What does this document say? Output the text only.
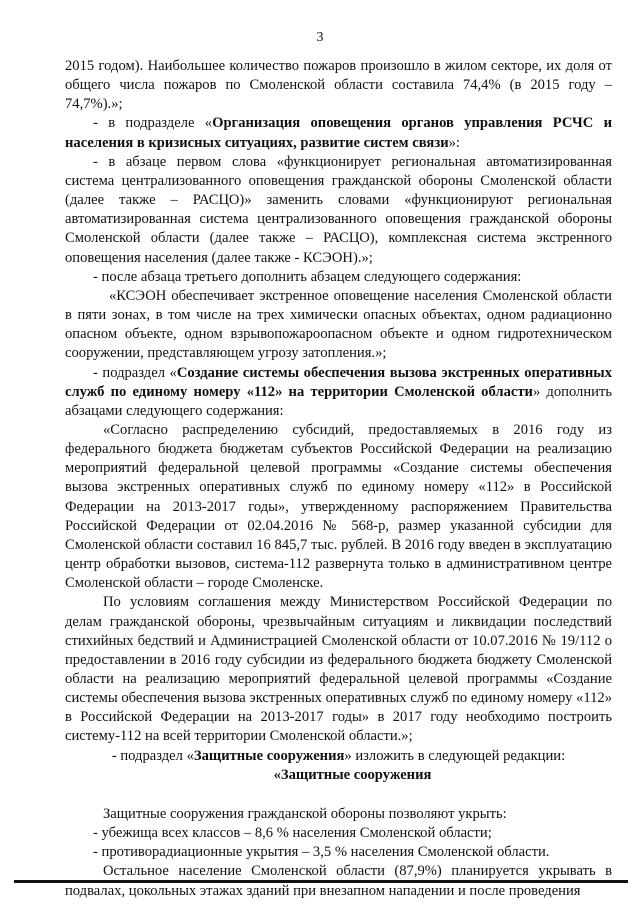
3

2015 годом). Наибольшее количество пожаров произошло в жилом секторе, их доля от общего числа пожаров по Смоленской области составила 74,4% (в 2015 году – 74,7%).»;

- в подразделе «Организация оповещения органов управления РСЧС и населения в кризисных ситуациях, развитие систем связи»:

- в абзаце первом слова «функционирует региональная автоматизированная система централизованного оповещения гражданской обороны Смоленской области (далее также – РАСЦО)» заменить словами «функционируют региональная автоматизированная система централизованного оповещения гражданской обороны Смоленской области (далее также – РАСЦО), комплексная система экстренного оповещения населения (далее также - КСЭОН).»;

- после абзаца третьего дополнить абзацем следующего содержания:

«КСЭОН обеспечивает экстренное оповещение населения Смоленской области в пяти зонах, в том числе на трех химически опасных объектах, одном радиационно опасном объекте, одном взрывопожароопасном объекте и одном гидротехническом сооружении, представляющем угрозу затопления.»;

- подраздел «Создание системы обеспечения вызова экстренных оперативных служб по единому номеру «112» на территории Смоленской области» дополнить абзацами следующего содержания:

«Согласно распределению субсидий, предоставляемых в 2016 году из федерального бюджета бюджетам субъектов Российской Федерации на реализацию мероприятий федеральной целевой программы «Создание системы обеспечения вызова экстренных оперативных служб по единому номеру «112» в Российской Федерации на 2013-2017 годы», утвержденному распоряжением Правительства Российской Федерации от 02.04.2016 № 568-р, размер указанной субсидии для Смоленской области составил 16 845,7 тыс. рублей. В 2016 году введен в эксплуатацию центр обработки вызовов, система-112 развернута только в административном центре Смоленской области – городе Смоленске.

По условиям соглашения между Министерством Российской Федерации по делам гражданской обороны, чрезвычайным ситуациям и ликвидации последствий стихийных бедствий и Администрацией Смоленской области от 10.07.2016 № 19/112 о предоставлении в 2016 году субсидии из федерального бюджета бюджету Смоленской области на реализацию мероприятий федеральной целевой программы «Создание системы обеспечения вызова экстренных оперативных служб по единому номеру «112» в Российской Федерации на 2013-2017 годы» в 2017 году необходимо построить систему-112 на всей территории Смоленской области.»;

- подраздел «Защитные сооружения» изложить в следующей редакции:

«Защитные сооружения

Защитные сооружения гражданской обороны позволяют укрыть:

- убежища всех классов – 8,6 % населения Смоленской области;

- противорадиационные укрытия – 3,5 % населения Смоленской области.

Остальное население Смоленской области (87,9%) планируется укрывать в подвалах, цокольных этажах зданий при внезапном нападении и после проведения
